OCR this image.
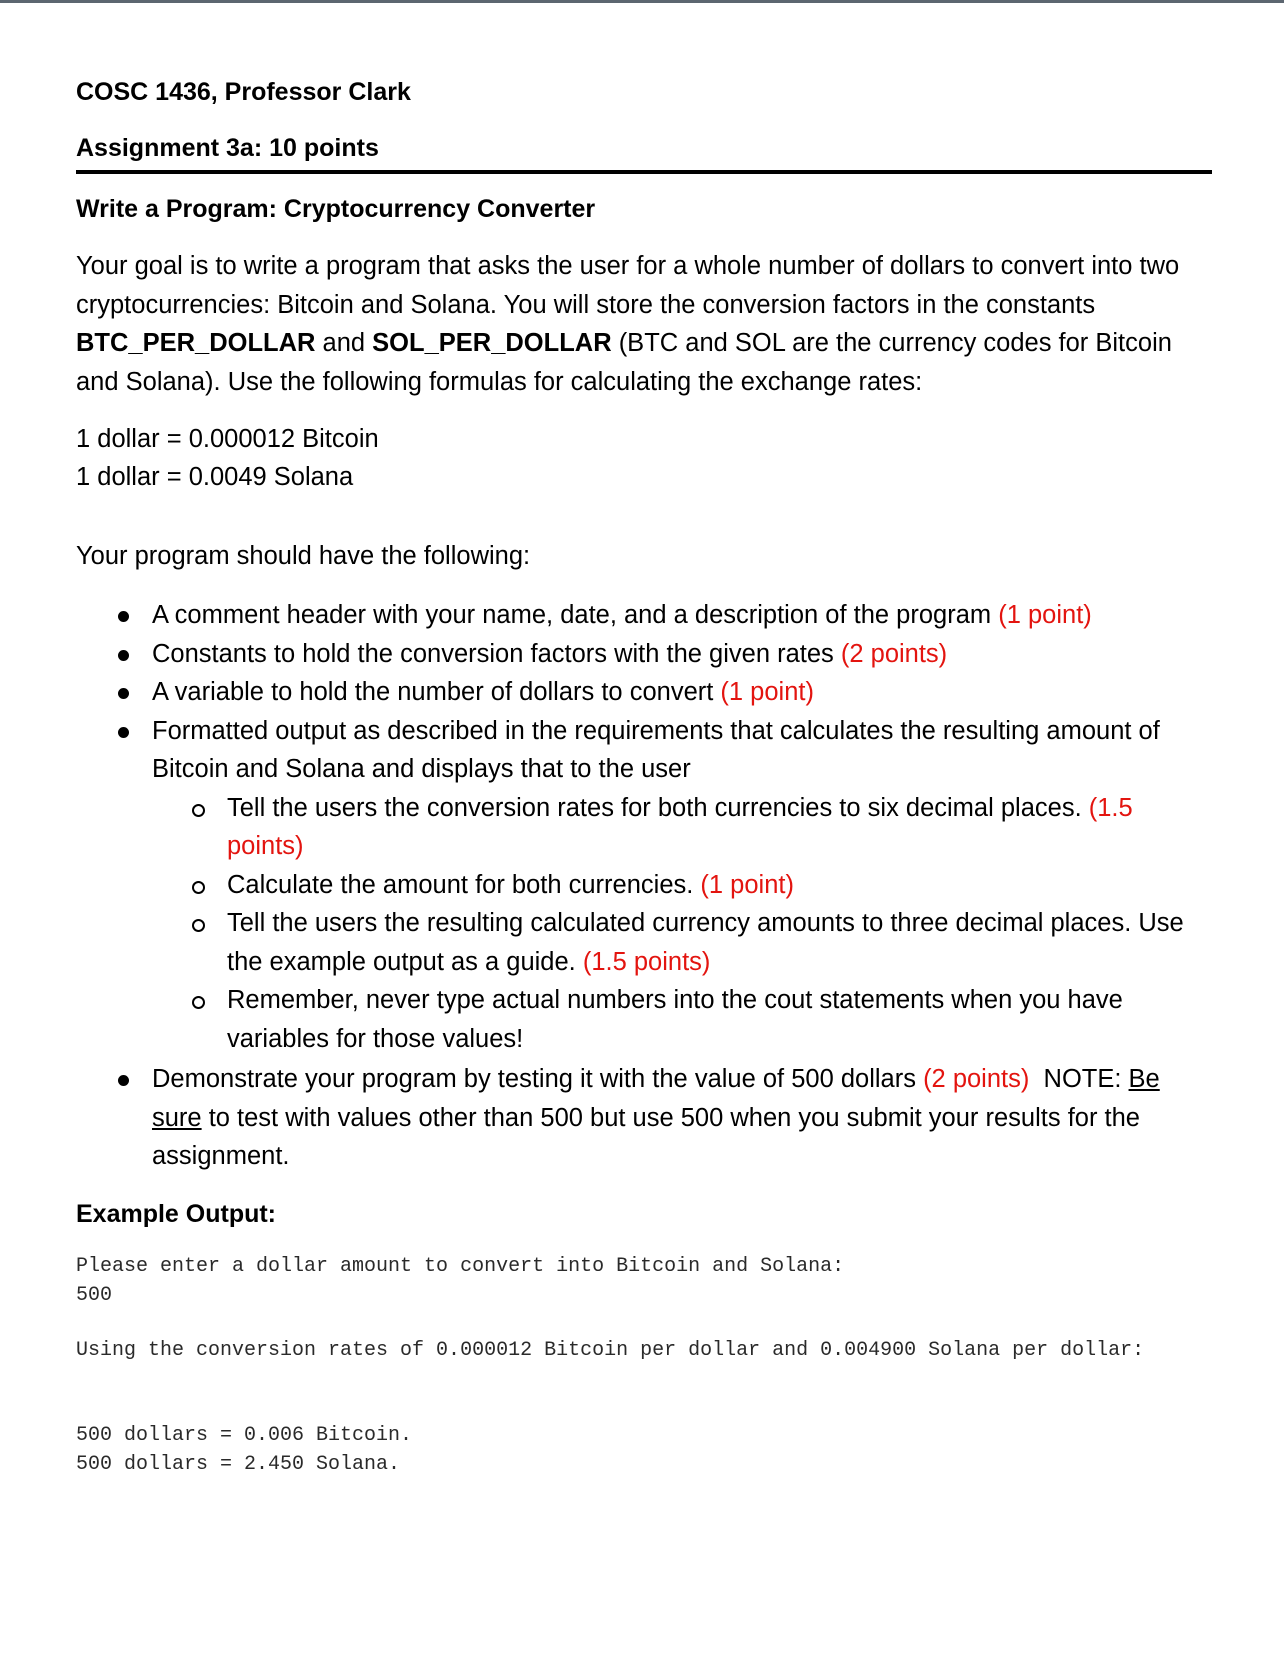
COSC 1436, Professor Clark
Assignment 3a: 10 points
Write a Program: Cryptocurrency Converter
Your goal is to write a program that asks the user for a whole number of dollars to convert into two cryptocurrencies: Bitcoin and Solana. You will store the conversion factors in the constants BTC_PER_DOLLAR and SOL_PER_DOLLAR (BTC and SOL are the currency codes for Bitcoin and Solana). Use the following formulas for calculating the exchange rates:
1 dollar = 0.000012 Bitcoin
1 dollar = 0.0049 Solana
Your program should have the following:
A comment header with your name, date, and a description of the program (1 point)
Constants to hold the conversion factors with the given rates (2 points)
A variable to hold the number of dollars to convert (1 point)
Formatted output as described in the requirements that calculates the resulting amount of Bitcoin and Solana and displays that to the user
Tell the users the conversion rates for both currencies to six decimal places. (1.5 points)
Calculate the amount for both currencies. (1 point)
Tell the users the resulting calculated currency amounts to three decimal places. Use the example output as a guide. (1.5 points)
Remember, never type actual numbers into the cout statements when you have variables for those values!
Demonstrate your program by testing it with the value of 500 dollars (2 points)  NOTE: Be sure to test with values other than 500 but use 500 when you submit your results for the assignment.
Example Output:
Please enter a dollar amount to convert into Bitcoin and Solana:
500
Using the conversion rates of 0.000012 Bitcoin per dollar and 0.004900 Solana per dollar:
500 dollars = 0.006 Bitcoin.
500 dollars = 2.450 Solana.
